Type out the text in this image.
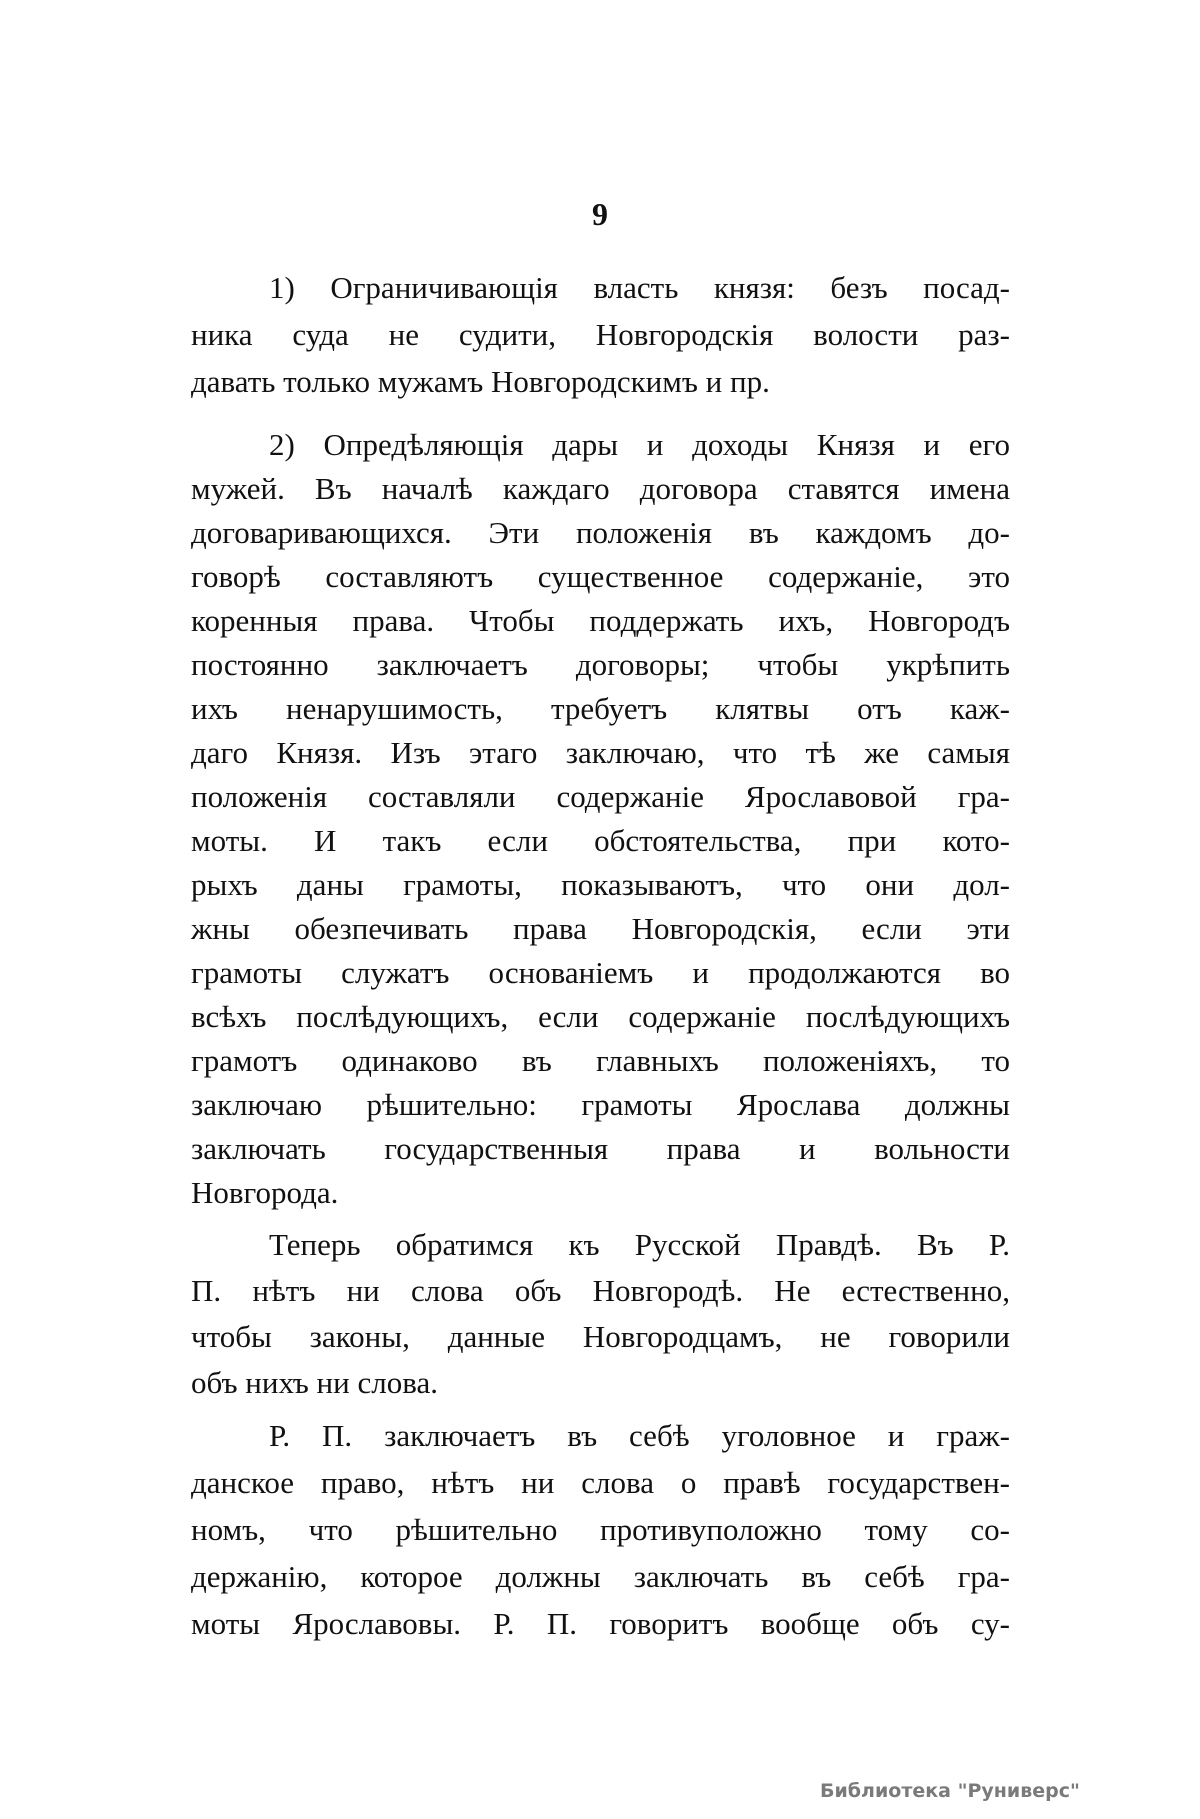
9
1) Ограничивающія власть князя: безъ посад-
ника суда не судити, Новгородскія волости раз-
давать только мужамъ Новгородскимъ и пр.
2) Опредѣляющія дары и доходы Князя и его
мужей. Въ началѣ каждаго договора ставятся имена
договаривающихся. Эти положенія въ каждомъ до-
говорѣ составляютъ существенное содержаніе, это
коренныя права. Чтобы поддержать ихъ, Новгородъ
постоянно заключаетъ договоры; чтобы укрѣпить
ихъ ненарушимость, требуетъ клятвы отъ каж-
даго Князя. Изъ этаго заключаю, что тѣ же самыя
положенія составляли содержаніе Ярославовой гра-
моты. И такъ если обстоятельства, при кото-
рыхъ даны грамоты, показываютъ, что они дол-
жны обезпечивать права Новгородскія, если эти
грамоты служатъ основаніемъ и продолжаются во
всѣхъ послѣдующихъ, если содержаніе послѣдующихъ
грамотъ одинаково въ главныхъ положеніяхъ, то
заключаю рѣшительно: грамоты Ярослава должны
заключать государственныя права и вольности
Новгорода.
Теперь обратимся къ Русской Правдѣ. Въ Р.
П. нѣтъ ни слова объ Новгородѣ. Не естественно,
чтобы законы, данные Новгородцамъ, не говорили
объ нихъ ни слова.
Р. П. заключаетъ въ себѣ уголовное и граж-
данское право, нѣтъ ни слова о правѣ государствен-
номъ, что рѣшительно противуположно тому со-
держанію, которое должны заключать въ себѣ гра-
моты Ярославовы. Р. П. говоритъ вообще объ су-
Библиотека "Руниверс"
